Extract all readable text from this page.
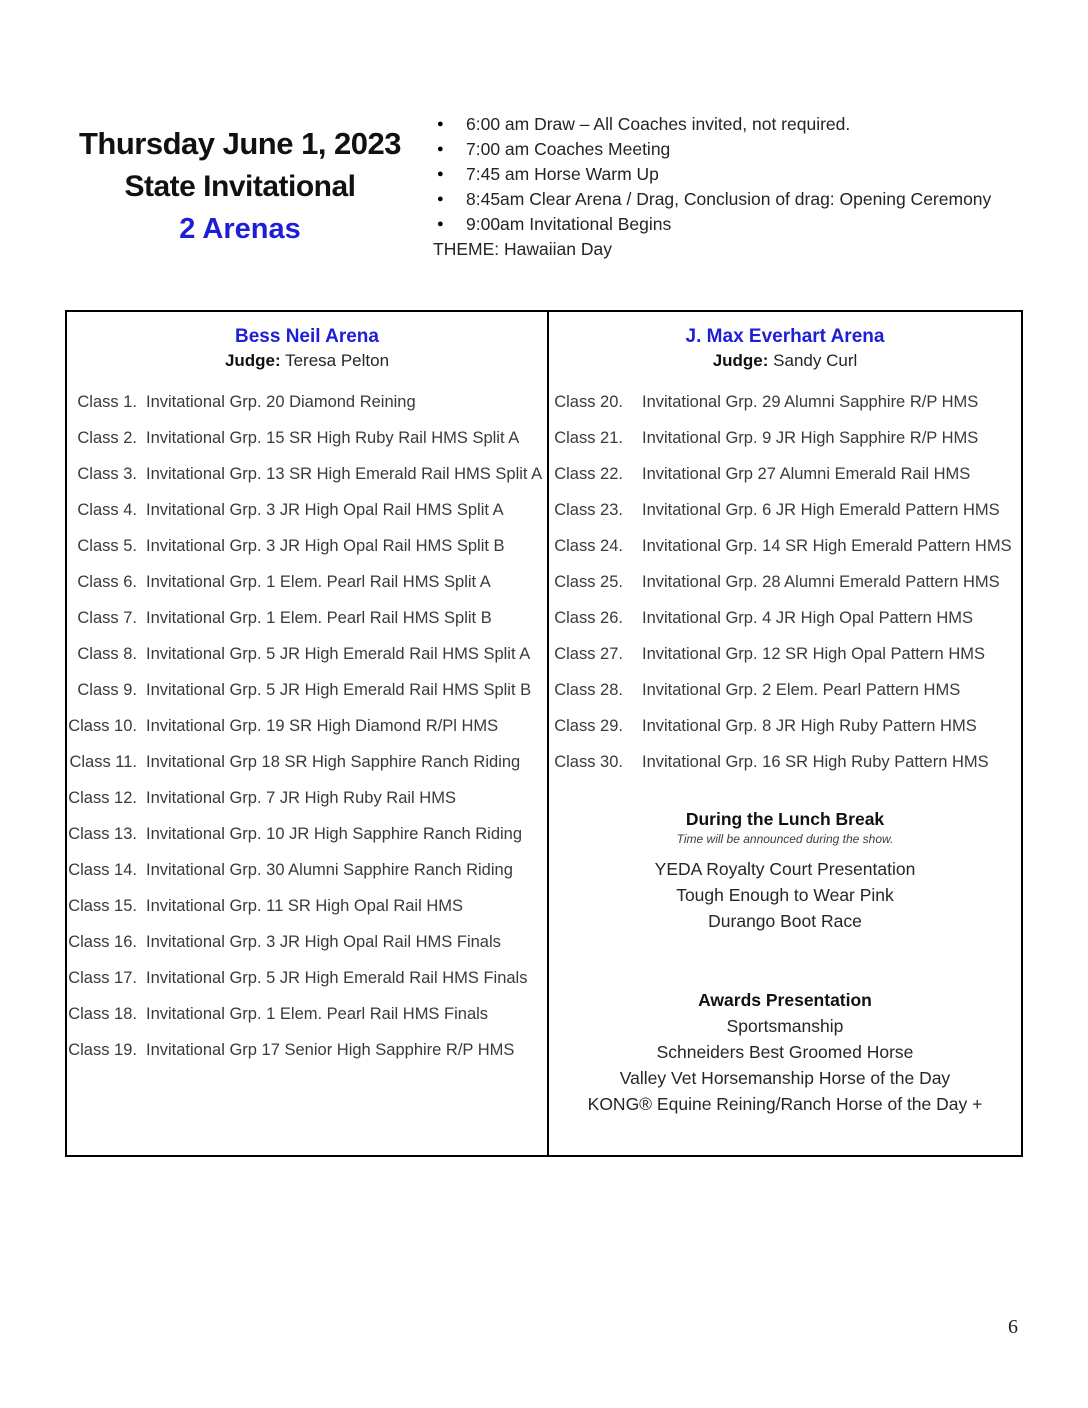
Thursday June 1, 2023
State Invitational
2 Arenas
● 6:00 am Draw – All Coaches invited, not required.
● 7:00 am Coaches Meeting
● 7:45 am Horse Warm Up
● 8:45am Clear Arena / Drag, Conclusion of drag: Opening Ceremony
● 9:00am Invitational Begins
THEME: Hawaiian Day
Bess Neil Arena
Judge: Teresa Pelton
Class 1. Invitational Grp. 20 Diamond Reining
Class 2. Invitational Grp. 15 SR High Ruby Rail HMS Split A
Class 3. Invitational Grp. 13 SR High Emerald Rail HMS Split A
Class 4. Invitational Grp. 3 JR High Opal Rail HMS Split A
Class 5. Invitational Grp. 3 JR High Opal Rail HMS Split B
Class 6. Invitational Grp. 1 Elem. Pearl Rail HMS Split A
Class 7. Invitational Grp. 1 Elem. Pearl Rail HMS Split B
Class 8. Invitational Grp. 5 JR High Emerald Rail HMS Split A
Class 9. Invitational Grp. 5 JR High Emerald Rail HMS Split B
Class 10. Invitational Grp. 19 SR High Diamond R/Pl HMS
Class 11. Invitational Grp 18 SR High Sapphire Ranch Riding
Class 12. Invitational Grp. 7 JR High Ruby Rail HMS
Class 13. Invitational Grp. 10 JR High Sapphire Ranch Riding
Class 14. Invitational Grp. 30 Alumni Sapphire Ranch Riding
Class 15. Invitational Grp. 11 SR High Opal Rail HMS
Class 16. Invitational Grp. 3 JR High Opal Rail HMS Finals
Class 17. Invitational Grp. 5 JR High Emerald Rail HMS Finals
Class 18. Invitational Grp. 1 Elem. Pearl Rail HMS Finals
Class 19. Invitational Grp 17 Senior High Sapphire R/P HMS
J. Max Everhart Arena
Judge: Sandy Curl
Class 20. Invitational Grp. 29 Alumni Sapphire R/P HMS
Class 21. Invitational Grp. 9 JR High Sapphire R/P HMS
Class 22. Invitational Grp 27 Alumni Emerald Rail HMS
Class 23. Invitational Grp. 6 JR High Emerald Pattern HMS
Class 24. Invitational Grp. 14 SR High Emerald Pattern HMS
Class 25. Invitational Grp. 28 Alumni Emerald Pattern HMS
Class 26. Invitational Grp. 4 JR High Opal Pattern HMS
Class 27. Invitational Grp. 12 SR High Opal Pattern HMS
Class 28. Invitational Grp. 2 Elem. Pearl Pattern HMS
Class 29. Invitational Grp. 8 JR High Ruby Pattern HMS
Class 30. Invitational Grp. 16 SR High Ruby Pattern HMS
During the Lunch Break
Time will be announced during the show.
YEDA Royalty Court Presentation
Tough Enough to Wear Pink
Durango Boot Race
Awards Presentation
Sportsmanship
Schneiders Best Groomed Horse
Valley Vet Horsemanship Horse of the Day
KONG® Equine Reining/Ranch Horse of the Day +
6
